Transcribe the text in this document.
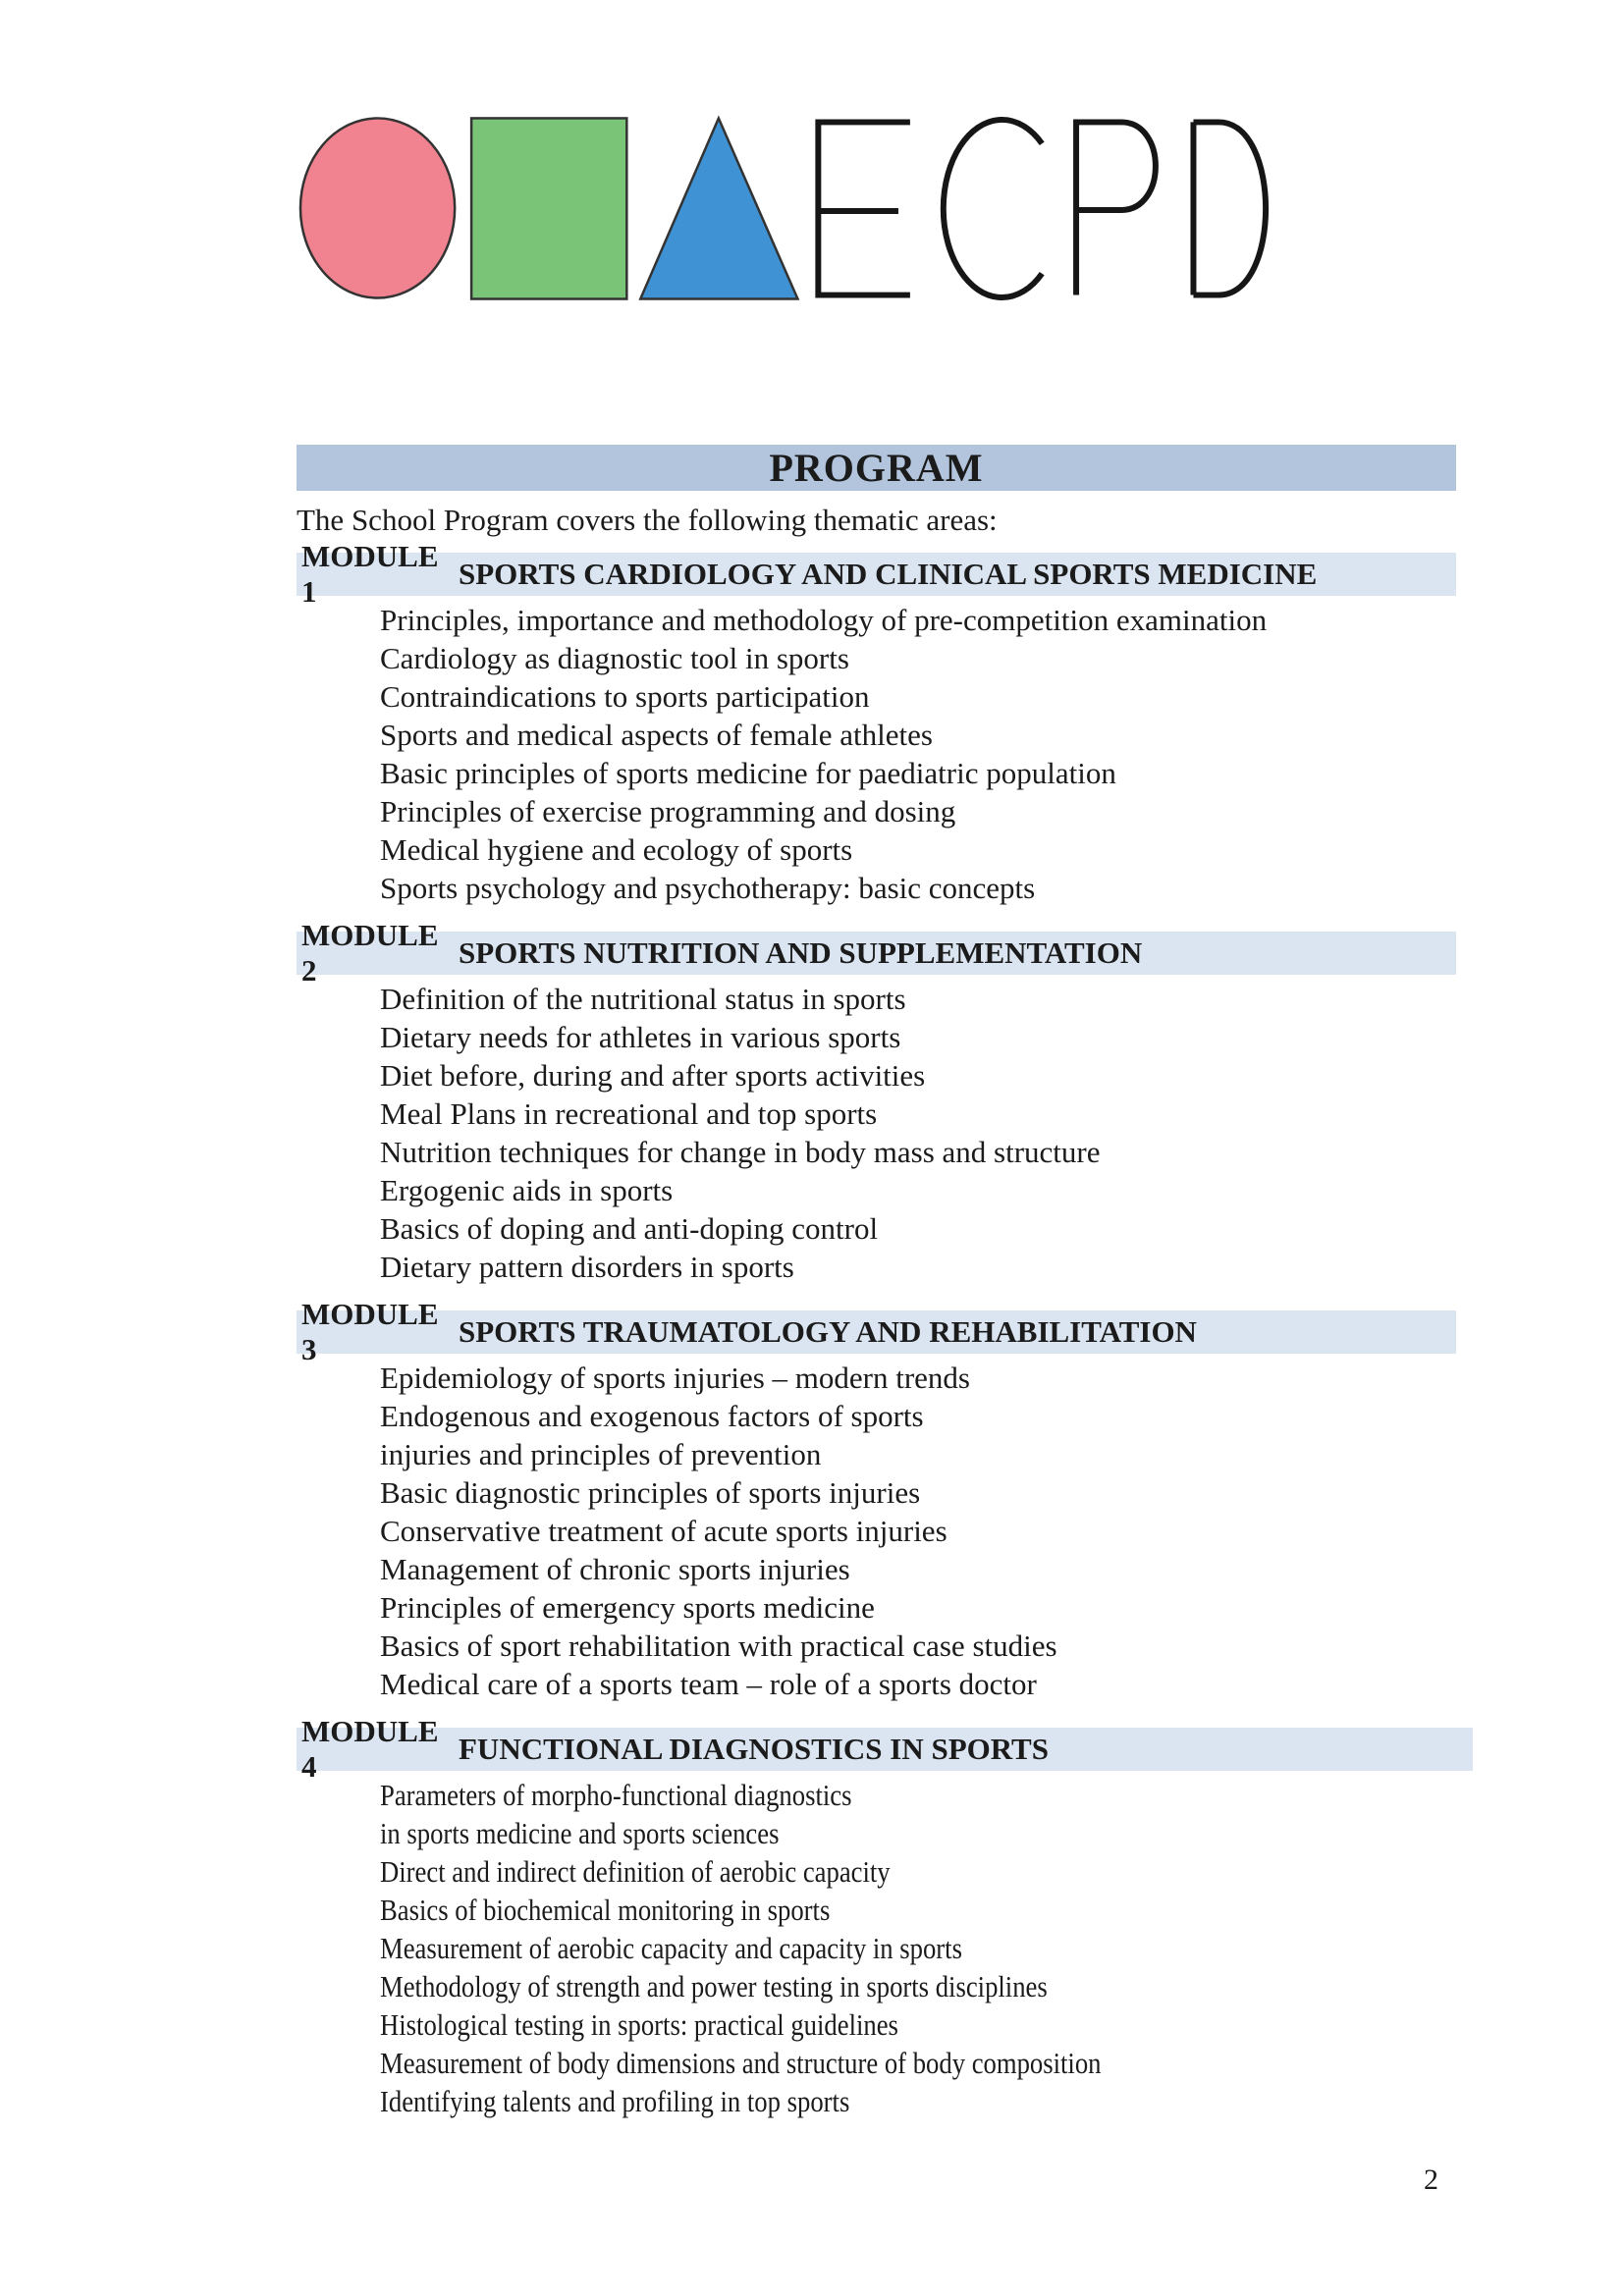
PROGRAM
The School Program covers the following thematic areas:
MODULE 1
SPORTS CARDIOLOGY AND CLINICAL SPORTS MEDICINE
Principles, importance and methodology of pre-competition examination
Cardiology as diagnostic tool in sports
Contraindications to sports participation
Sports and medical aspects of female athletes
Basic principles of sports medicine for paediatric population
Principles of exercise programming and dosing
Medical hygiene and ecology of sports
Sports psychology and psychotherapy: basic concepts
MODULE 2
SPORTS NUTRITION AND SUPPLEMENTATION
Definition of the nutritional status in sports
Dietary needs for athletes in various sports
Diet before, during and after sports activities
Meal Plans in recreational and top sports
Nutrition techniques for change in body mass and structure
Ergogenic aids in sports
Basics of doping and anti-doping control
Dietary pattern disorders in sports
MODULE 3
SPORTS TRAUMATOLOGY AND REHABILITATION
Epidemiology of sports injuries – modern trends
Endogenous and exogenous factors of sports
injuries and principles of prevention
Basic diagnostic principles of sports injuries
Conservative treatment of acute sports injuries
Management of chronic sports injuries
Principles of emergency sports medicine
Basics of sport rehabilitation with practical case studies
Medical care of a sports team – role of a sports doctor
MODULE 4
FUNCTIONAL DIAGNOSTICS IN SPORTS
Parameters of morpho-functional diagnostics
in sports medicine and sports sciences
Direct and indirect definition of aerobic capacity
Basics of biochemical monitoring in sports
Measurement of aerobic capacity and capacity in sports
Methodology of strength and power testing in sports disciplines
Histological testing in sports: practical guidelines
Measurement of body dimensions and structure of body composition
Identifying talents and profiling in top sports
2
